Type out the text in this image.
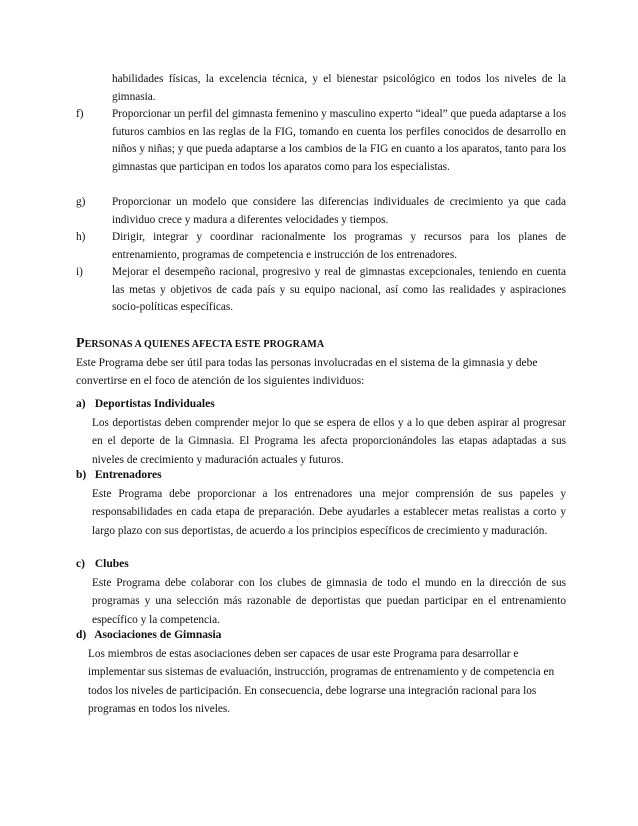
habilidades físicas, la excelencia técnica, y el bienestar psicológico en todos los niveles de la gimnasia.
f)	Proporcionar un perfil del gimnasta femenino y masculino experto “ideal” que pueda adaptarse a los futuros cambios en las reglas de la FIG, tomando en cuenta los perfiles conocidos de desarrollo en niños y niñas; y que pueda adaptarse a los cambios de la FIG en cuanto a los aparatos, tanto para los gimnastas que participan en todos los aparatos como para los especialistas.
g) Proporcionar un modelo que considere las diferencias individuales de crecimiento ya que cada individuo crece y madura a diferentes velocidades y tiempos.
h) Dirigir, integrar y coordinar racionalmente los programas y recursos para los planes de entrenamiento, programas de competencia e instrucción de los entrenadores.
i)	Mejorar el desempeño racional, progresivo y real de gimnastas excepcionales, teniendo en cuenta las metas y objetivos de cada país y su equipo nacional, así como las realidades y aspiraciones socio-políticas específicas.
PERSONAS A QUIENES AFECTA ESTE PROGRAMA
Este Programa debe ser útil para todas las personas involucradas en el sistema de la gimnasia y debe convertirse en el foco de atención de los siguientes individuos:
a) Deportistas Individuales
Los deportistas deben comprender mejor lo que se espera de ellos y a lo que deben aspirar al progresar en el deporte de la Gimnasia. El Programa les afecta proporcionándoles las etapas adaptadas a sus niveles de crecimiento y maduración actuales y futuros.
b) Entrenadores
Este Programa debe proporcionar a los entrenadores una mejor comprensión de sus papeles y responsabilidades en cada etapa de preparación. Debe ayudarles a establecer metas realistas a corto y largo plazo con sus deportistas, de acuerdo a los principios específicos de crecimiento y maduración.
c) Clubes
Este Programa debe colaborar con los clubes de gimnasia de todo el mundo en la dirección de sus programas y una selección más razonable de deportistas que puedan participar en el entrenamiento específico y la competencia.
d) Asociaciones de Gimnasia
Los miembros de estas asociaciones deben ser capaces de usar este Programa para desarrollar e implementar sus sistemas de evaluación, instrucción, programas de entrenamiento y de competencia en todos los niveles de participación. En consecuencia, debe lograrse una integración racional para los programas en todos los niveles.
